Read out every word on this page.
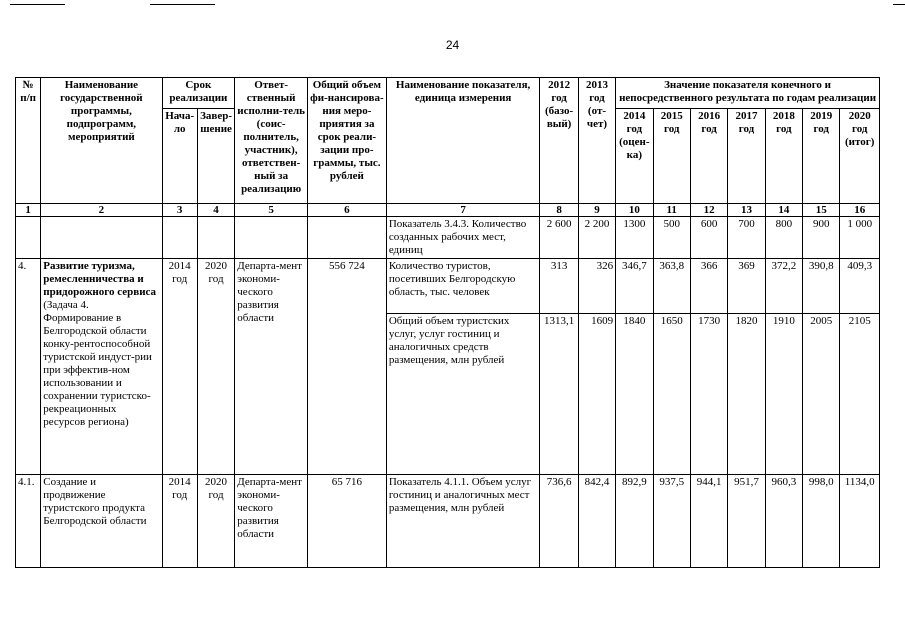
24
№ п/п	Наименование государственной программы, подпрограмм, мероприятий	Срок реализации		Ответ-ственный исполни-тель (соис-полнитель, участник), ответствен-ный за реализацию	Общий объем фи-нансирова-ния меро-приятия за срок реали-зации про-граммы, тыс. рублей	Наименование показателя, единица измерения	2012 год (базо-вый)	2013 год (от-чет)	Значение показателя конечного и непосредственного результата по годам реализации						
		Нача-ло	Завер-шение						2014 год (оцен-ка)	2015 год	2016 год	2017 год	2018 год	2019 год	2020 год (итог)
1	2	3	4	5	6	7	8	9	10	11	12	13	14	15	16
						Показатель 3.4.3. Количество созданных рабочих мест, единиц	2 600	2 200	1300	500	600	700	800	900	1 000
4.	Развитие туризма, ремесленничества и придорожного сервиса (Задача 4. Формирование в Белгородской области конку-рентоспособной туристской индуст-рии при эффектив-ном использовании и сохранении туристско-рекреационных ресурсов региона)	2014 год	2020 год	Департа-мент экономи-ческого развития области	556 724	Количество туристов, посетивших Белгородскую область, тыс. человек	313	326	346,7	363,8	366	369	372,2	390,8	409,3
						Общий объем туристских услуг, услуг гостиниц и аналогичных средств размещения, млн рублей	1313,1	1609	1840	1650	1730	1820	1910	2005	2105
4.1.	Создание и продвижение туристского продукта Белгородской области	2014 год	2020 год	Департа-мент экономи-ческого развития области	65 716	Показатель 4.1.1. Объем услуг гостиниц и аналогичных мест размещения, млн рублей	736,6	842,4	892,9	937,5	944,1	951,7	960,3	998,0	1134,0
